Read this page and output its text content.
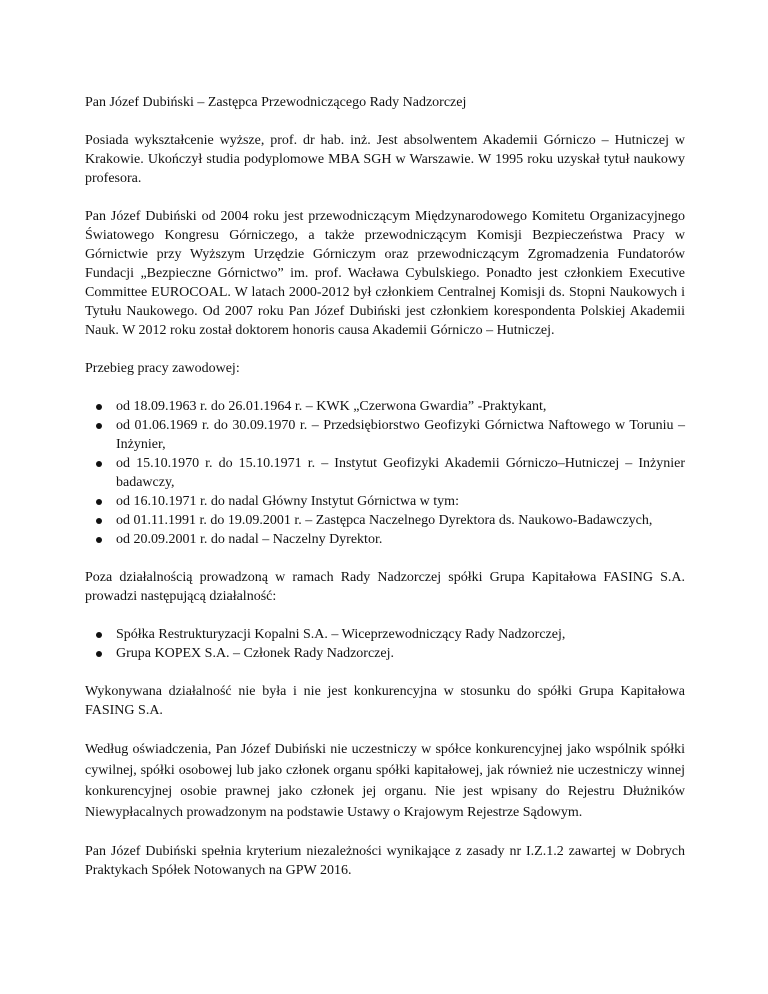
Pan Józef Dubiński – Zastępca Przewodniczącego Rady Nadzorczej

Posiada wykształcenie wyższe, prof. dr hab. inż. Jest absolwentem Akademii Górniczo – Hutniczej w Krakowie. Ukończył studia podyplomowe MBA SGH w Warszawie. W 1995 roku uzyskał tytuł naukowy profesora.

Pan Józef Dubiński od 2004 roku jest przewodniczącym Międzynarodowego Komitetu Organizacyjnego Światowego Kongresu Górniczego, a także przewodniczącym Komisji Bezpieczeństwa Pracy w Górnictwie przy Wyższym Urzędzie Górniczym oraz przewodniczącym Zgromadzenia Fundatorów Fundacji „Bezpieczne Górnictwo” im. prof. Wacława Cybulskiego. Ponadto jest członkiem Executive Committee EUROCOAL. W latach 2000-2012 był członkiem Centralnej Komisji ds. Stopni Naukowych i Tytułu Naukowego. Od 2007 roku Pan Józef Dubiński jest członkiem korespondenta Polskiej Akademii Nauk. W 2012 roku został doktorem honoris causa Akademii Górniczo – Hutniczej.

Przebieg pracy zawodowej:

od 18.09.1963 r. do 26.01.1964 r. – KWK „Czerwona Gwardia” -Praktykant,
od 01.06.1969 r. do 30.09.1970 r. – Przedsiębiorstwo Geofizyki Górnictwa Naftowego w Toruniu – Inżynier,
od 15.10.1970 r. do 15.10.1971 r. – Instytut Geofizyki Akademii Górniczo–Hutniczej – Inżynier badawczy,
od 16.10.1971 r. do nadal Główny Instytut Górnictwa w tym:
od 01.11.1991 r. do 19.09.2001 r. – Zastępca Naczelnego Dyrektora ds. Naukowo-Badawczych,
od 20.09.2001 r. do nadal – Naczelny Dyrektor.

Poza działalnością prowadzoną w ramach Rady Nadzorczej spółki Grupa Kapitałowa FASING S.A. prowadzi następującą działalność:

Spółka Restrukturyzacji Kopalni S.A. – Wiceprzewodniczący Rady Nadzorczej,
Grupa KOPEX S.A. – Członek Rady Nadzorczej.

Wykonywana działalność nie była i nie jest konkurencyjna w stosunku do spółki Grupa Kapitałowa FASING S.A.

Według oświadczenia, Pan Józef Dubiński nie uczestniczy w spółce konkurencyjnej jako wspólnik spółki cywilnej, spółki osobowej lub jako członek organu spółki kapitałowej, jak również nie uczestniczy winnej konkurencyjnej osobie prawnej jako członek jej organu. Nie jest wpisany do Rejestru Dłużników Niewypłacalnych prowadzonym na podstawie Ustawy o Krajowym Rejestrze Sądowym.

Pan Józef Dubiński spełnia kryterium niezależności wynikające z zasady nr I.Z.1.2 zawartej w Dobrych Praktykach Spółek Notowanych na GPW 2016.
